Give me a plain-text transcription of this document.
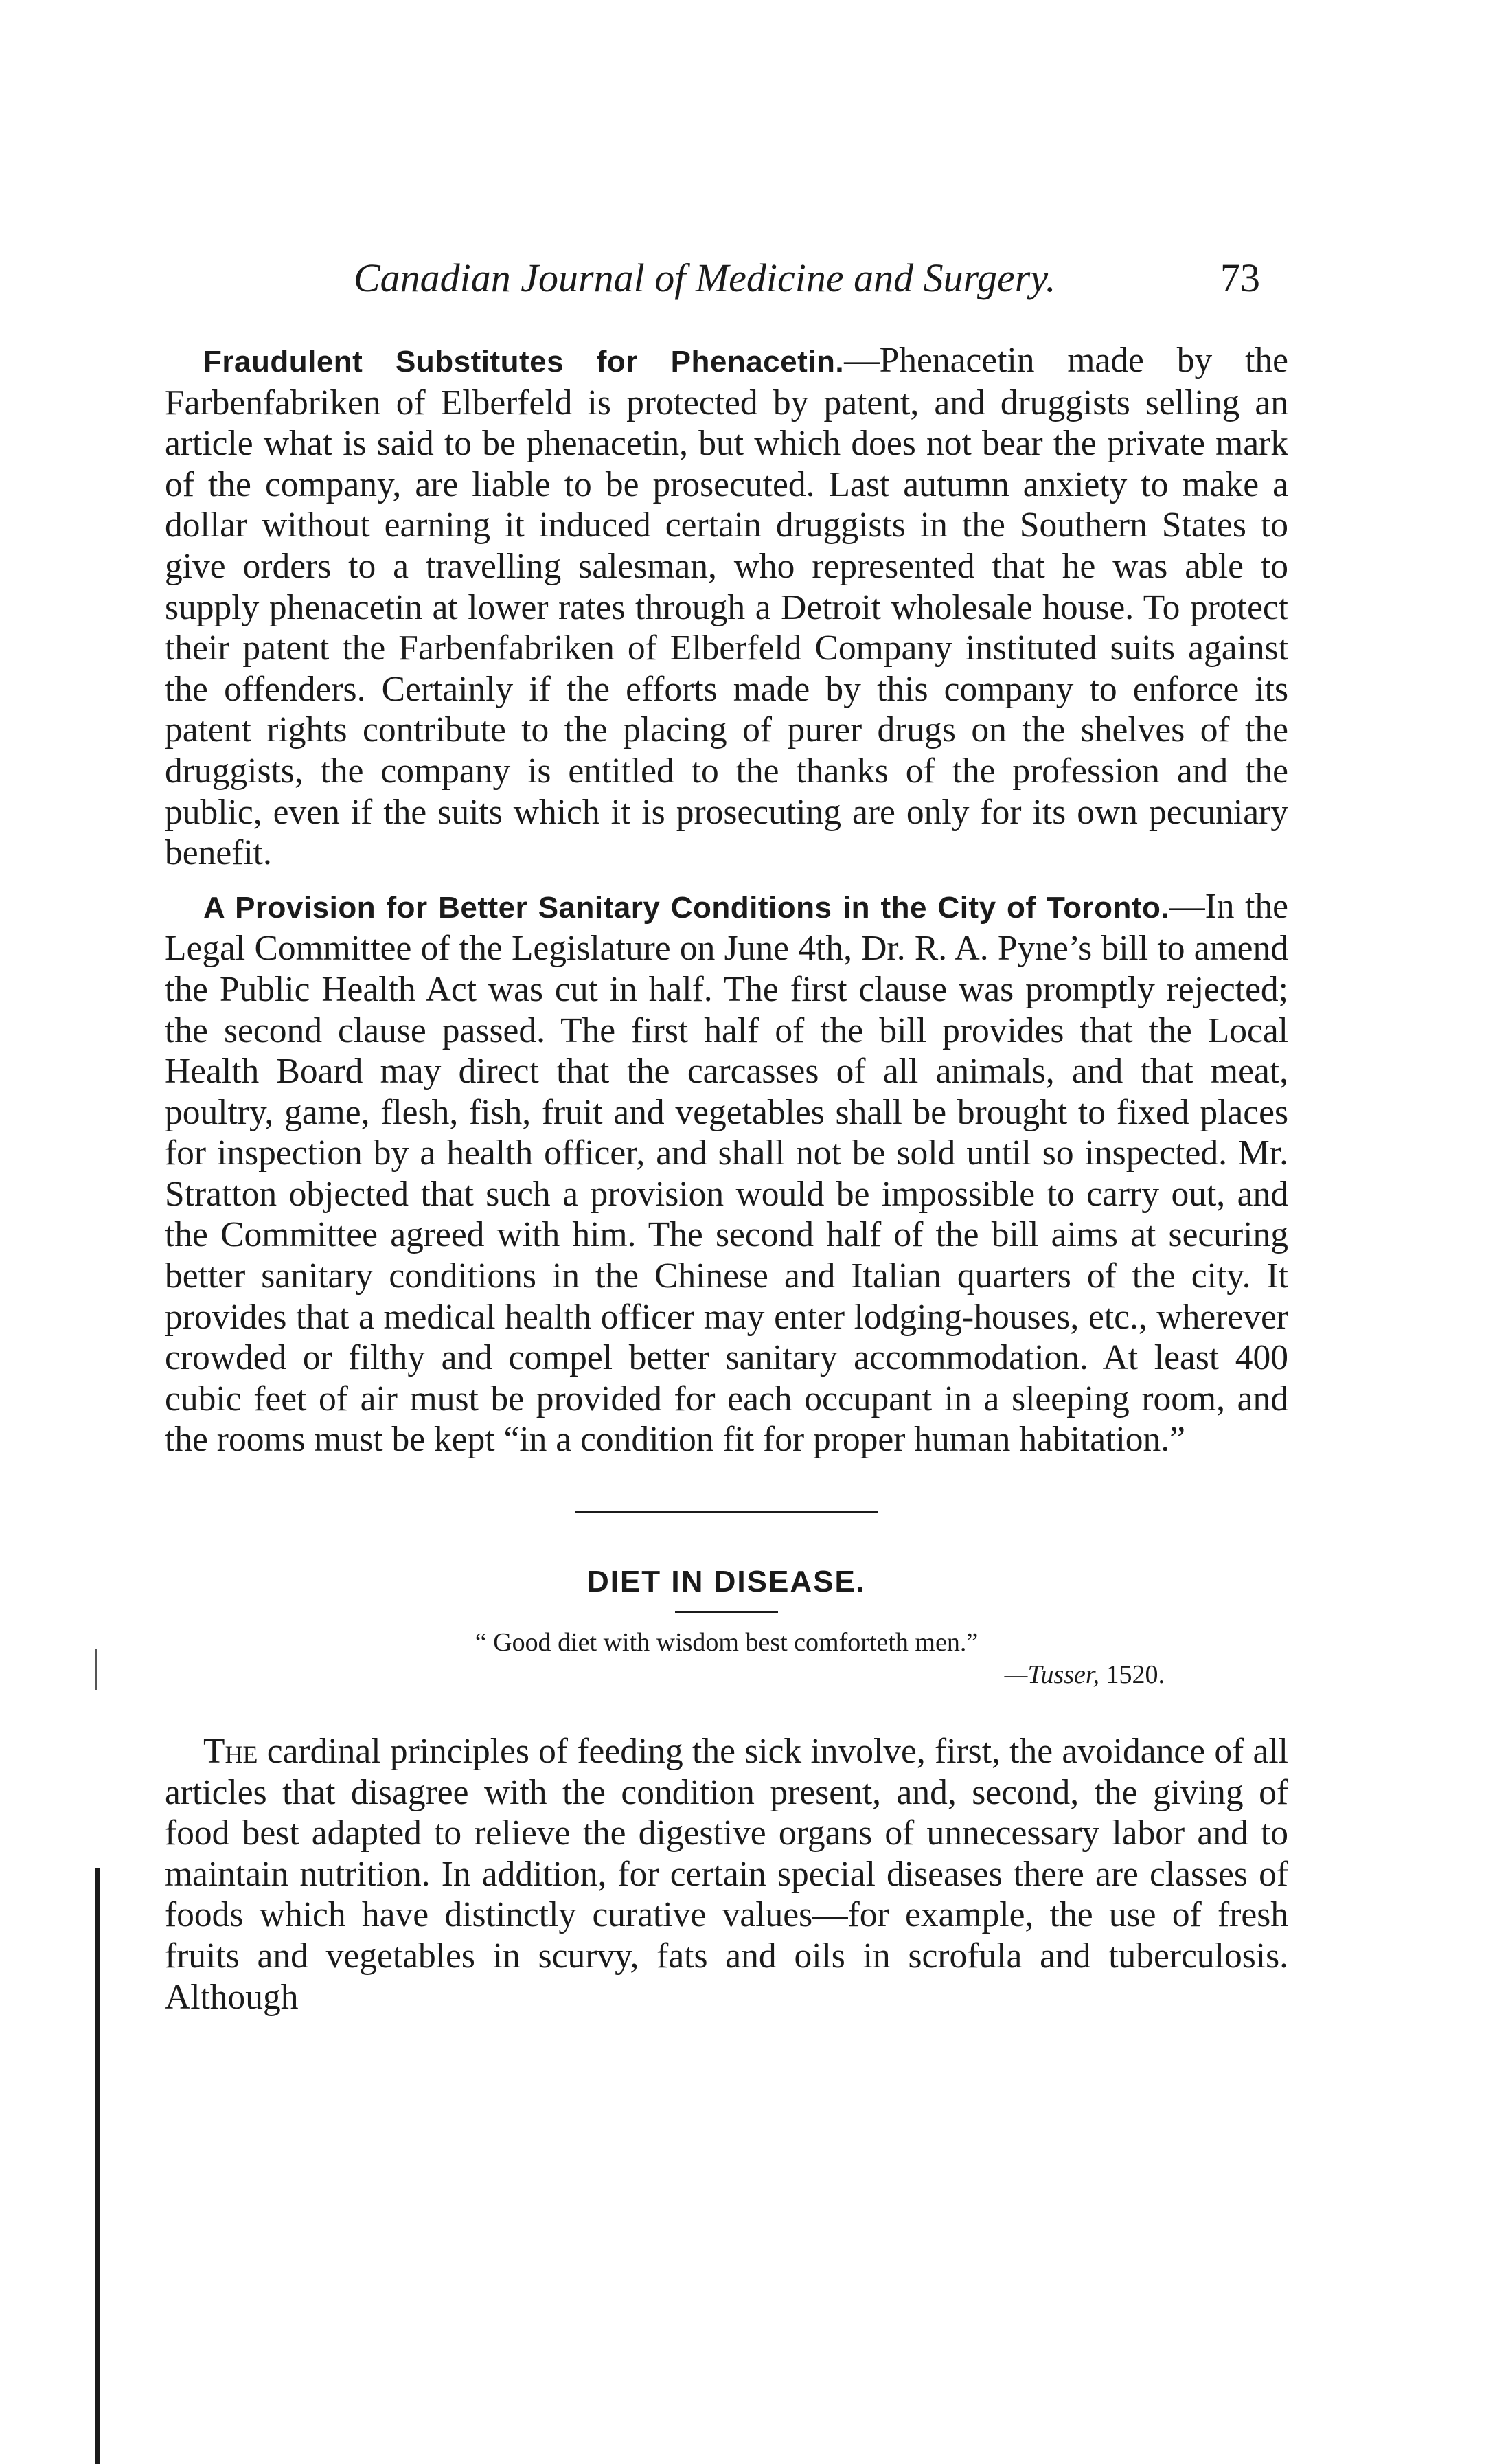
Canadian Journal of Medicine and Surgery.	73

Fraudulent Substitutes for Phenacetin.—Phenacetin made by the Farbenfabriken of Elberfeld is protected by patent, and druggists selling an article what is said to be phenacetin, but which does not bear the private mark of the company, are liable to be prosecuted. Last autumn anxiety to make a dollar without earning it induced certain druggists in the Southern States to give orders to a travelling salesman, who represented that he was able to supply phenacetin at lower rates through a Detroit wholesale house. To protect their patent the Farbenfabriken of Elberfeld Company instituted suits against the offenders. Certainly if the efforts made by this company to enforce its patent rights contribute to the placing of purer drugs on the shelves of the druggists, the company is entitled to the thanks of the profession and the public, even if the suits which it is prosecuting are only for its own pecuniary benefit.

A Provision for Better Sanitary Conditions in the City of Toronto.—In the Legal Committee of the Legislature on June 4th, Dr. R. A. Pyne’s bill to amend the Public Health Act was cut in half. The first clause was promptly rejected; the second clause passed. The first half of the bill provides that the Local Health Board may direct that the carcasses of all animals, and that meat, poultry, game, flesh, fish, fruit and vegetables shall be brought to fixed places for inspection by a health officer, and shall not be sold until so inspected. Mr. Stratton objected that such a provision would be impossible to carry out, and the Committee agreed with him. The second half of the bill aims at securing better sanitary conditions in the Chinese and Italian quarters of the city. It provides that a medical health officer may enter lodging-houses, etc., wherever crowded or filthy and compel better sanitary accommodation. At least 400 cubic feet of air must be provided for each occupant in a sleeping room, and the rooms must be kept “in a condition fit for proper human habitation.”

DIET IN DISEASE.

“ Good diet with wisdom best comforteth men.”

—Tusser, 1520.

The cardinal principles of feeding the sick involve, first, the avoidance of all articles that disagree with the condition present, and, second, the giving of food best adapted to relieve the digestive organs of unnecessary labor and to maintain nutrition. In addition, for certain special diseases there are classes of foods which have distinctly curative values—for example, the use of fresh fruits and vegetables in scurvy, fats and oils in scrofula and tuberculosis. Although
